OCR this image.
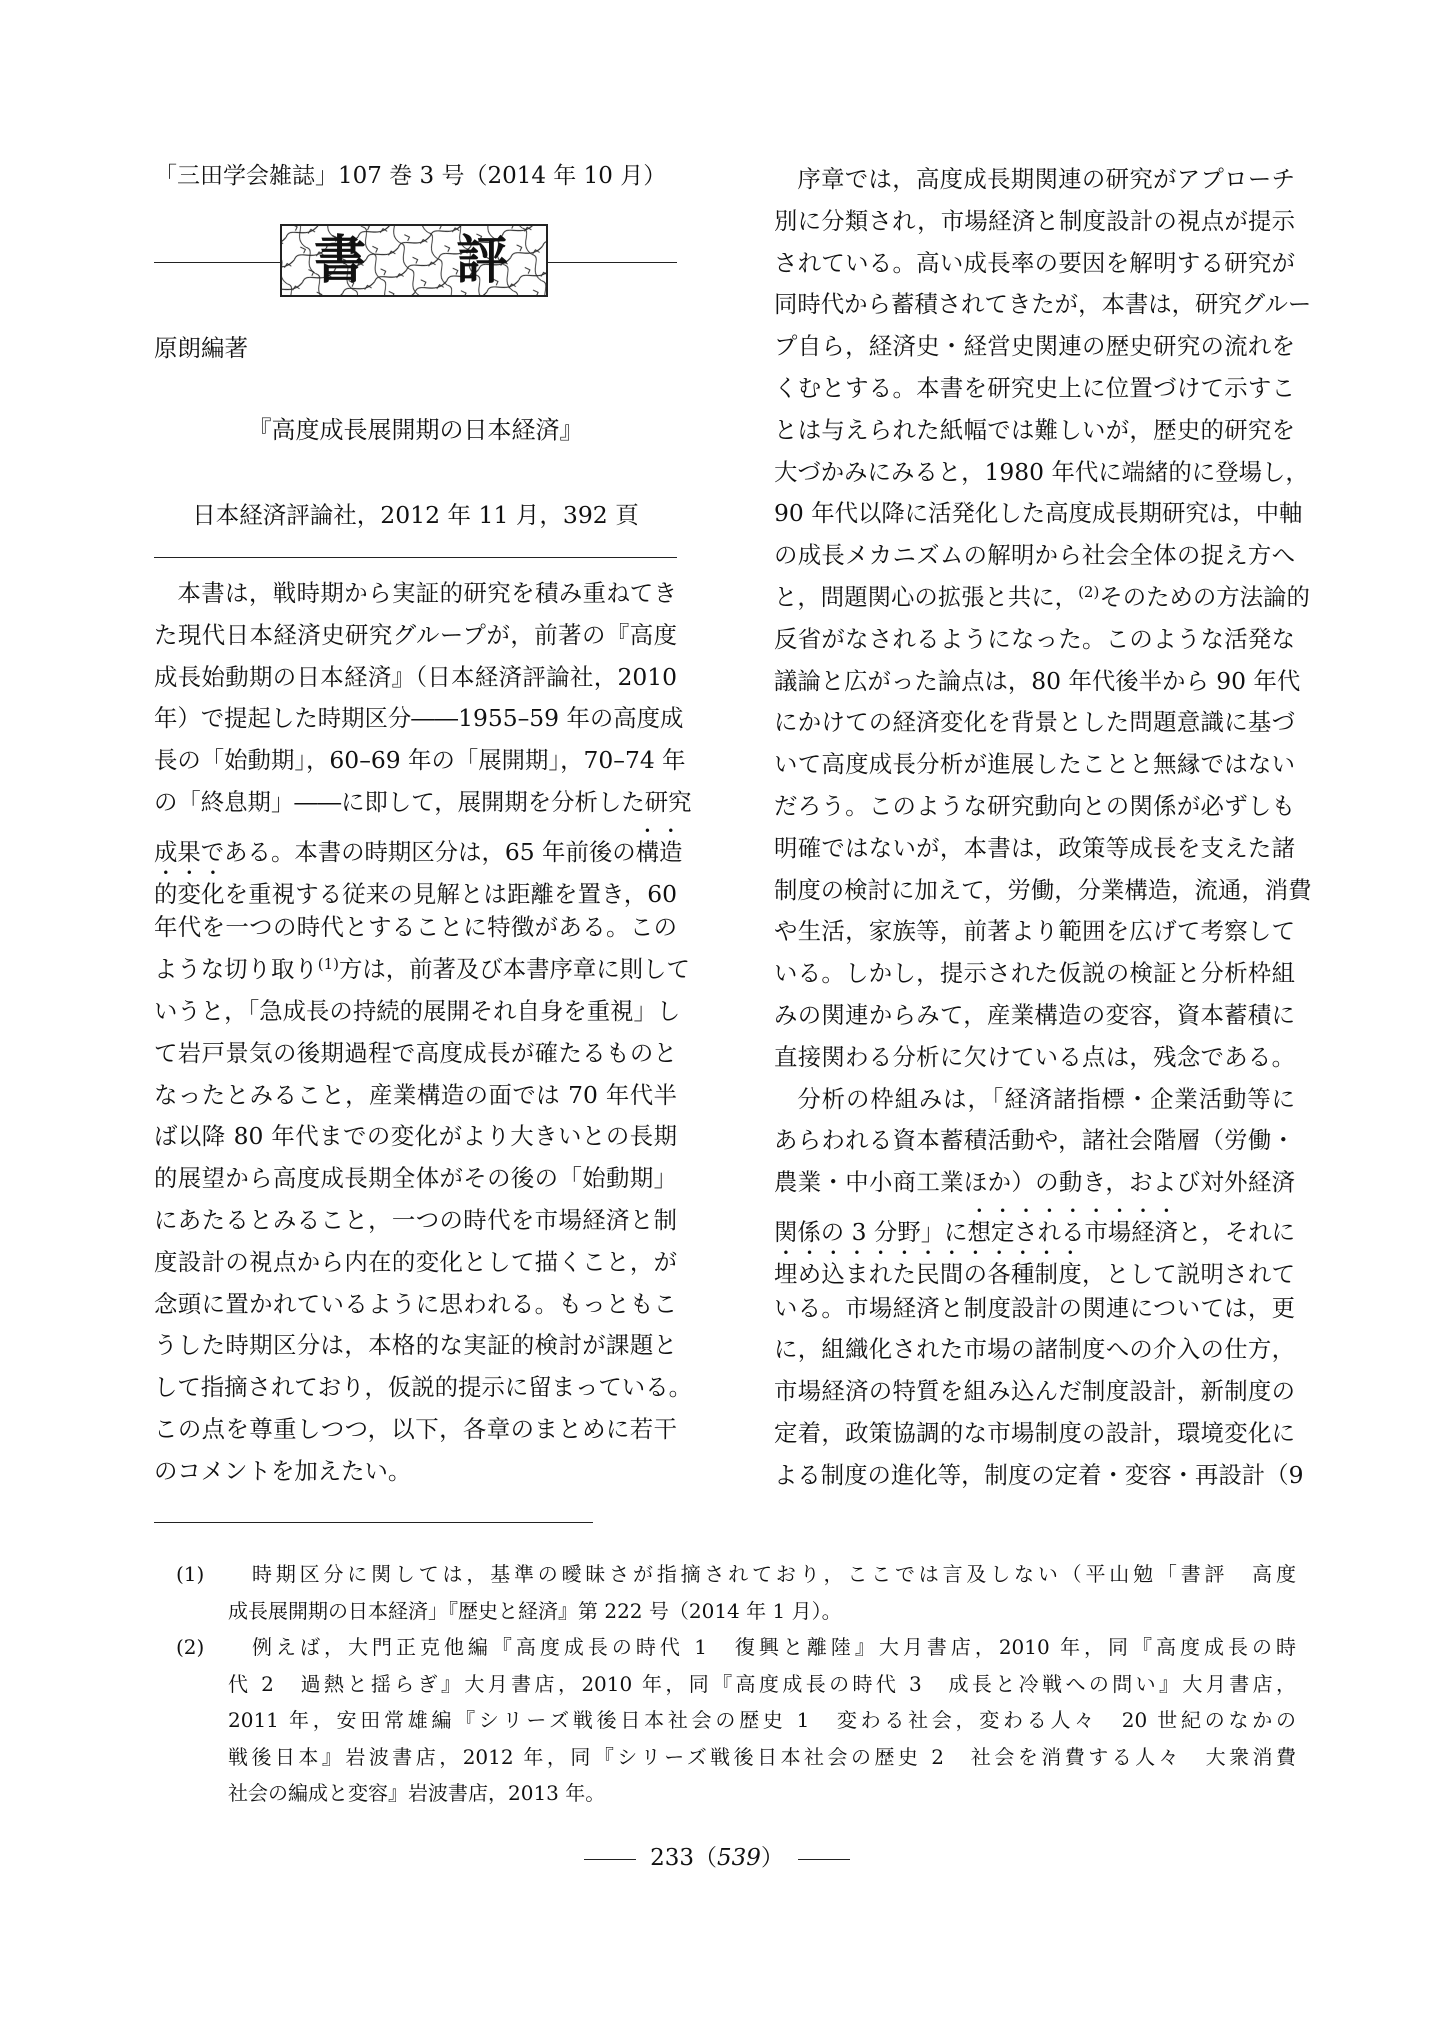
「三田学会雑誌」107 巻 3 号（2014 年 10 月）
書 評
原朗編著
『高度成長展開期の日本経済』
日本経済評論社，2012 年 11 月，392 頁
本書は，戦時期から実証的研究を積み重ねてき
た現代日本経済史研究グループが，前著の『高度
成長始動期の日本経済』（日本経済評論社，2010
年）で提起した時期区分――1955–59 年の高度成
長の「始動期」，60–69 年の「展開期」，70–74 年
の「終息期」――に即して，展開期を分析した研究
成果である。本書の時期区分は，65 年前後の構造
的変化を重視する従来の見解とは距離を置き，60
年代を一つの時代とすることに特徴がある。この
ような切り取り$^{(1)}$方は，前著及び本書序章に則して
いうと，「急成長の持続的展開それ自身を重視」し
て岩戸景気の後期過程で高度成長が確たるものと
なったとみること，産業構造の面では 70 年代半
ば以降 80 年代までの変化がより大きいとの長期
的展望から高度成長期全体がその後の「始動期」
にあたるとみること，一つの時代を市場経済と制
度設計の視点から内在的変化として描くこと，が
念頭に置かれているように思われる。もっともこ
うした時期区分は，本格的な実証的検討が課題と
して指摘されており，仮説的提示に留まっている。
この点を尊重しつつ，以下，各章のまとめに若干
のコメントを加えたい。
序章では，高度成長期関連の研究がアプローチ
別に分類され，市場経済と制度設計の視点が提示
されている。高い成長率の要因を解明する研究が
同時代から蓄積されてきたが，本書は，研究グルー
プ自ら，経済史・経営史関連の歴史研究の流れを
くむとする。本書を研究史上に位置づけて示すこ
とは与えられた紙幅では難しいが，歴史的研究を
大づかみにみると，1980 年代に端緒的に登場し，
90 年代以降に活発化した高度成長期研究は，中軸
の成長メカニズムの解明から社会全体の捉え方へ
と，問題関心の拡張と共に，$^{(2)}$そのための方法論的
反省がなされるようになった。このような活発な
議論と広がった論点は，80 年代後半から 90 年代
にかけての経済変化を背景とした問題意識に基づ
いて高度成長分析が進展したことと無縁ではない
だろう。このような研究動向との関係が必ずしも
明確ではないが，本書は，政策等成長を支えた諸
制度の検討に加えて，労働，分業構造，流通，消費
や生活，家族等，前著より範囲を広げて考察して
いる。しかし，提示された仮説の検証と分析枠組
みの関連からみて，産業構造の変容，資本蓄積に
直接関わる分析に欠けている点は，残念である。
分析の枠組みは，「経済諸指標・企業活動等に
あらわれる資本蓄積活動や，諸社会階層（労働・
農業・中小商工業ほか）の動き，および対外経済
関係の 3 分野」に想定される市場経済と，それに
埋め込まれた民間の各種制度，として説明されて
いる。市場経済と制度設計の関連については，更
に，組織化された市場の諸制度への介入の仕方，
市場経済の特質を組み込んだ制度設計，新制度の
定着，政策協調的な市場制度の設計，環境変化に
よる制度の進化等，制度の定着・変容・再設計（9
(1)	時期区分に関しては，基準の曖昧さが指摘されており，ここでは言及しない（平山勉「書評　高度
成長展開期の日本経済」『歴史と経済』第 222 号（2014 年 1 月）。
(2)	例えば，大門正克他編『高度成長の時代 1　復興と離陸』大月書店，2010 年，同『高度成長の時
代 2　過熱と揺らぎ』大月書店，2010 年，同『高度成長の時代 3　成長と冷戦への問い』大月書店，
2011 年，安田常雄編『シリーズ戦後日本社会の歴史 1　変わる社会，変わる人々　20 世紀のなかの
戦後日本』岩波書店，2012 年，同『シリーズ戦後日本社会の歴史 2　社会を消費する人々　大衆消費
社会の編成と変容』岩波書店，2013 年。
233（539）
